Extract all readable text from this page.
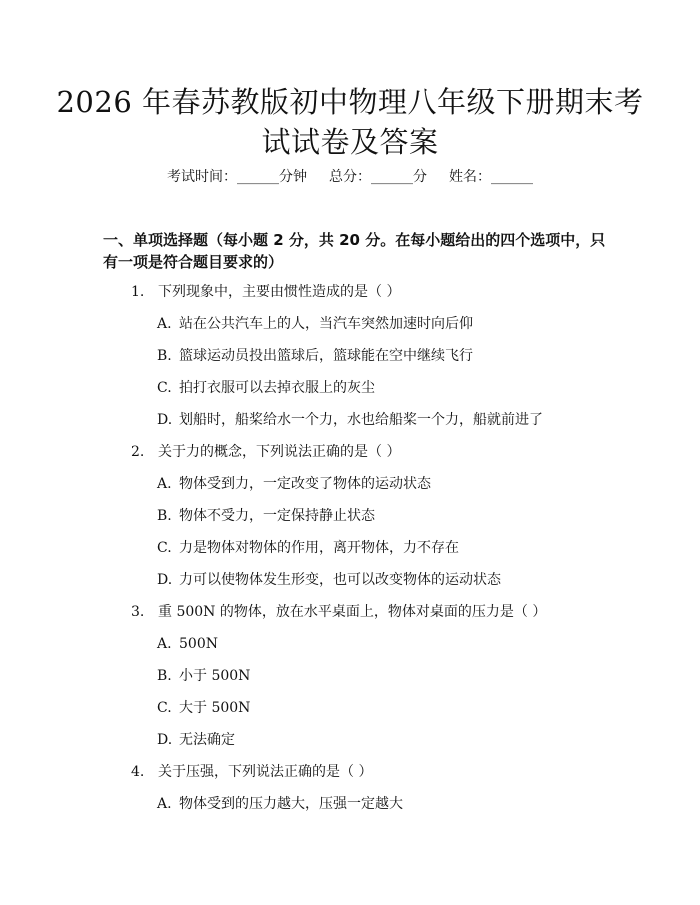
2026 年春苏教版初中物理八年级下册期末考
试试卷及答案
考试时间：______分钟 总分：______分 姓名：______
一、单项选择题（每小题 2 分，共 20 分。在每小题给出的四个选项中，只有一项是符合题目要求的）
1. 下列现象中，主要由惯性造成的是（ ）
A. 站在公共汽车上的人，当汽车突然加速时向后仰
B. 篮球运动员投出篮球后，篮球能在空中继续飞行
C. 拍打衣服可以去掉衣服上的灰尘
D. 划船时，船桨给水一个力，水也给船桨一个力，船就前进了
2. 关于力的概念，下列说法正确的是（ ）
A. 物体受到力，一定改变了物体的运动状态
B. 物体不受力，一定保持静止状态
C. 力是物体对物体的作用，离开物体，力不存在
D. 力可以使物体发生形变，也可以改变物体的运动状态
3. 重 500N 的物体，放在水平桌面上，物体对桌面的压力是（ ）
A. 500N
B. 小于 500N
C. 大于 500N
D. 无法确定
4. 关于压强，下列说法正确的是（ ）
A. 物体受到的压力越大，压强一定越大
